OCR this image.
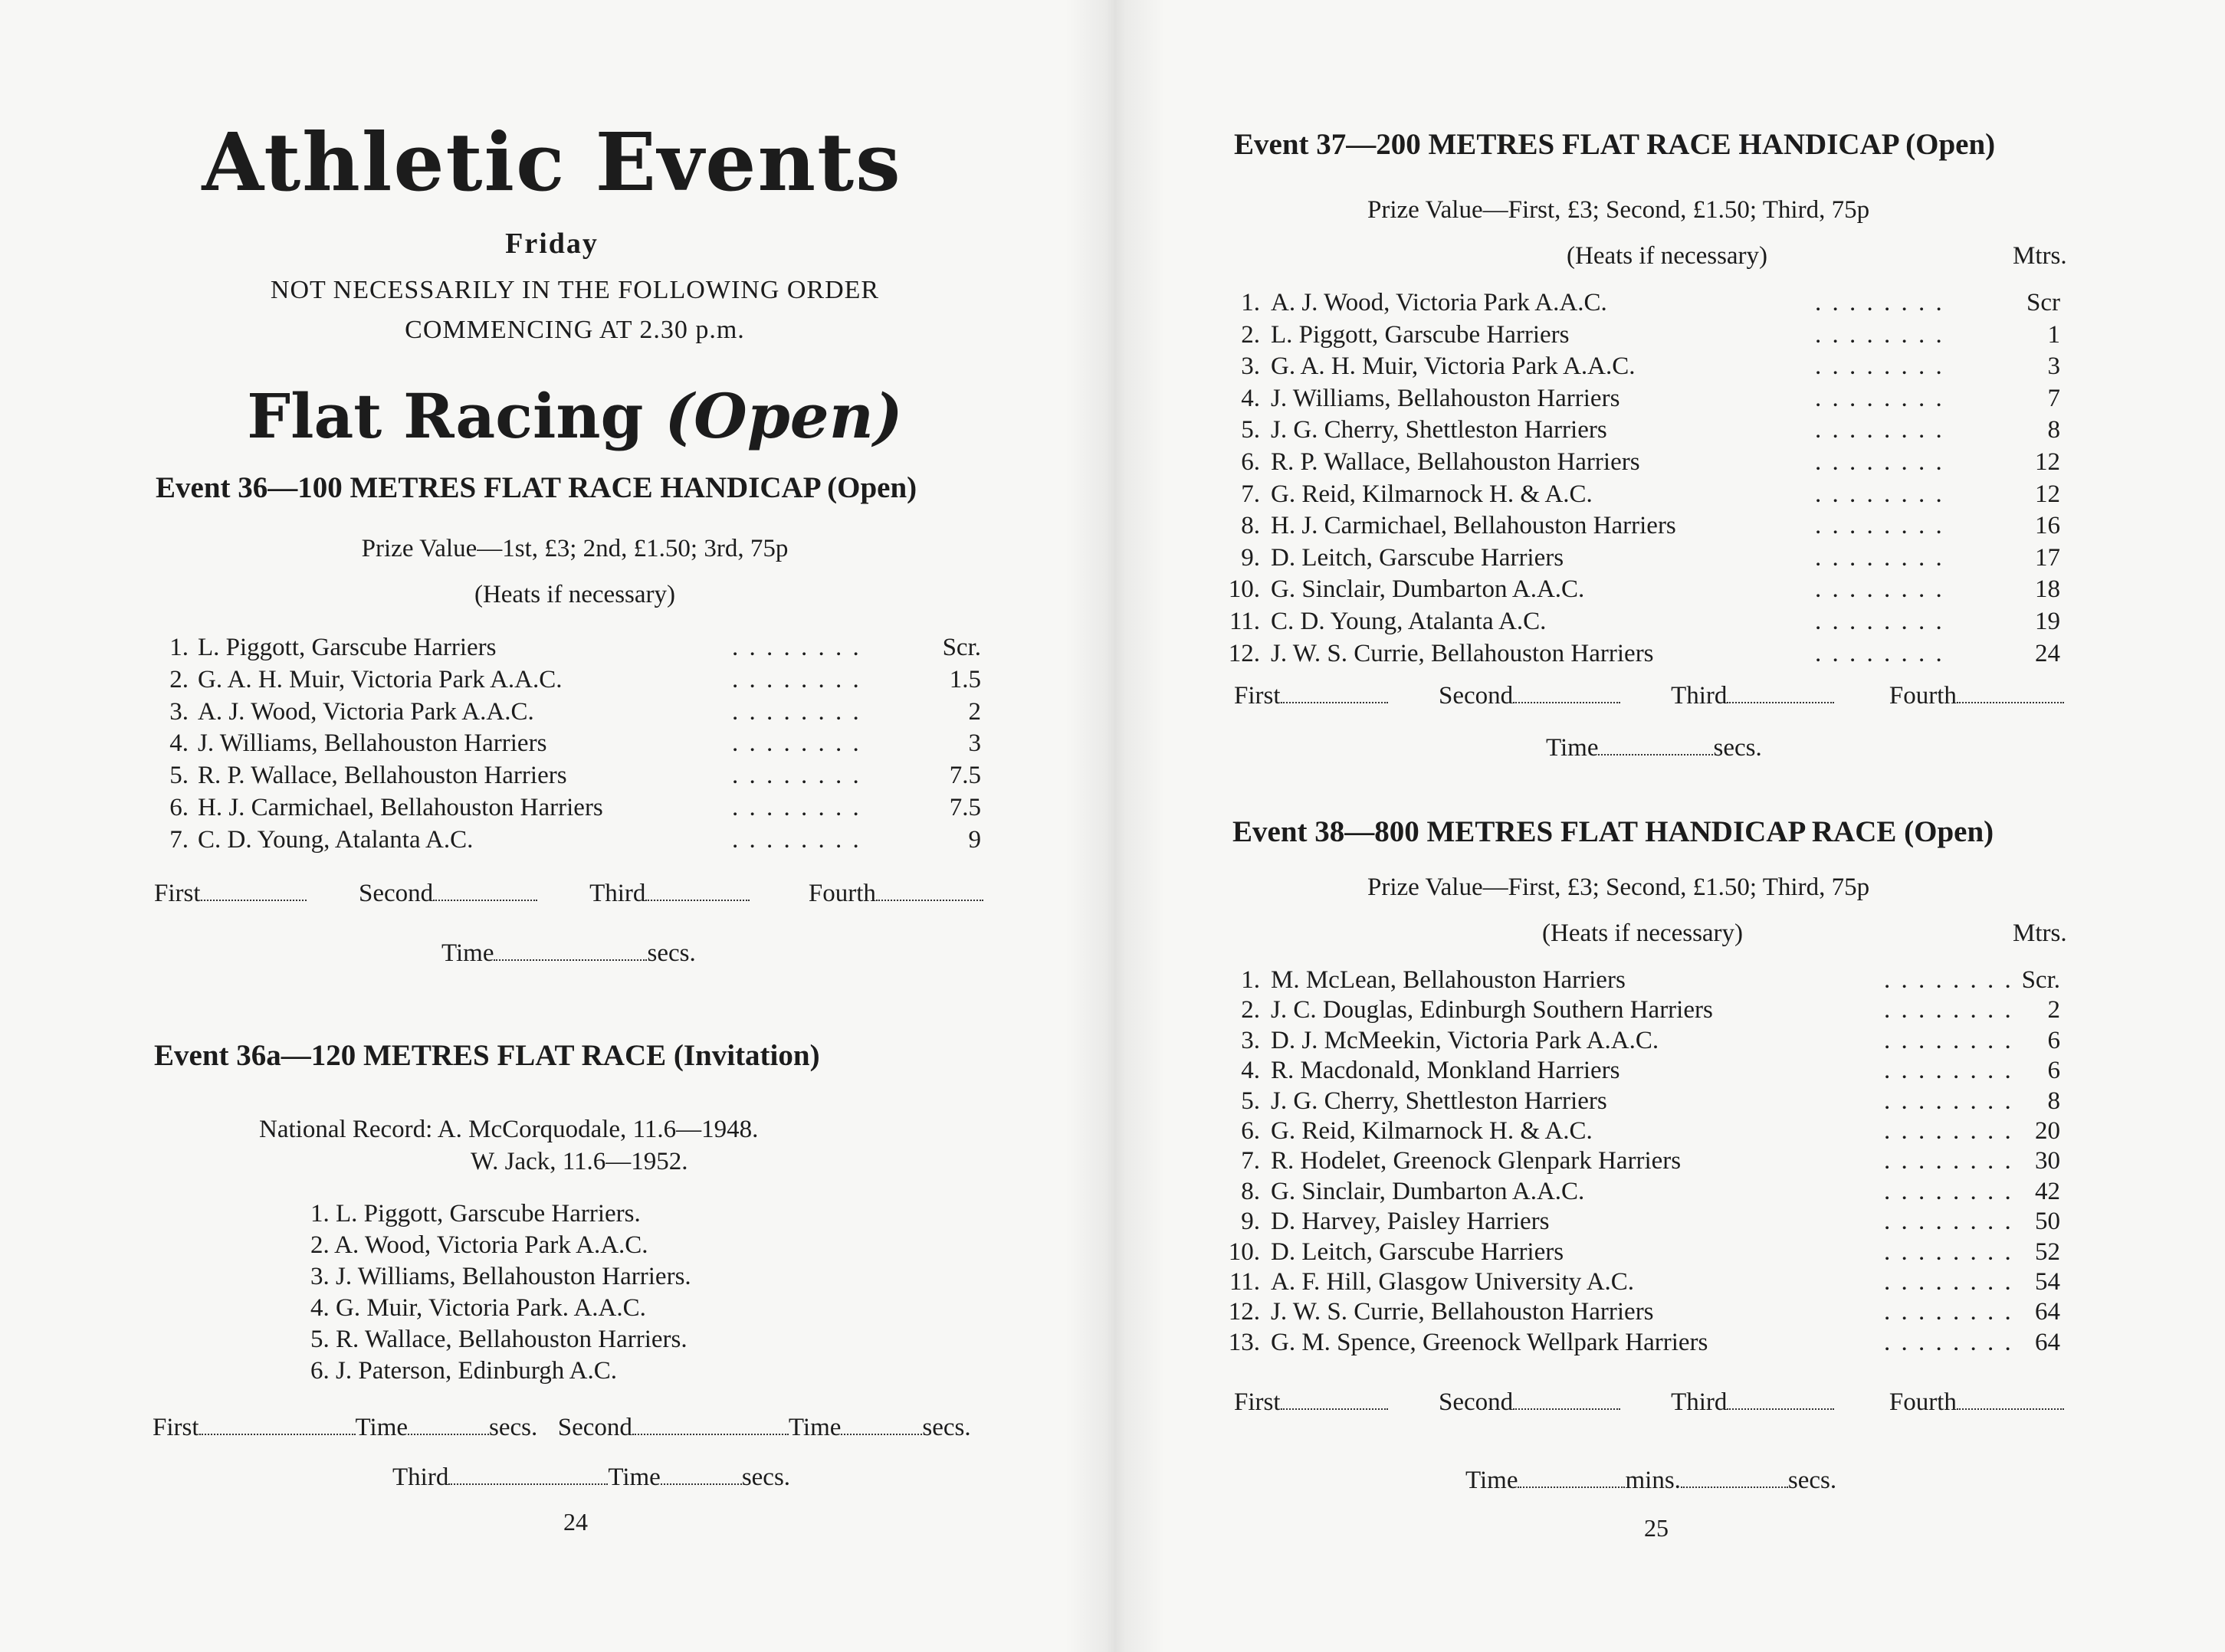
Athletic Events
Friday
NOT NECESSARILY IN THE FOLLOWING ORDER
COMMENCING AT 2.30 p.m.
Flat Racing (Open)
Event 36—100 METRES FLAT RACE HANDICAP (Open)
Prize Value—1st, £3; 2nd, £1.50; 3rd, 75p
(Heats if necessary)
1. L. Piggott, Garscube Harriers	. . . . . . . .	Scr.
2. G. A. H. Muir, Victoria Park A.A.C.	. . . . . . . .	1.5
3. A. J. Wood, Victoria Park A.A.C.	. . . . . . . .	2
4. J. Williams, Bellahouston Harriers	. . . . . . . .	3
5. R. P. Wallace, Bellahouston Harriers	. . . . . . . .	7.5
6. H. J. Carmichael, Bellahouston Harriers	. . . . . . . .	7.5
7. C. D. Young, Atalanta A.C.	. . . . . . . .	9
First	Second	Third	Fourth
Time	secs.
Event 36a—120 METRES FLAT RACE (Invitation)
National Record: A. McCorquodale, 11.6—1948.
W. Jack, 11.6—1952.
1. L. Piggott, Garscube Harriers.
2. A. Wood, Victoria Park A.A.C.
3. J. Williams, Bellahouston Harriers.
4. G. Muir, Victoria Park. A.A.C.
5. R. Wallace, Bellahouston Harriers.
6. J. Paterson, Edinburgh A.C.
First	Time	secs. Second	Time	secs.
Third	Time	secs.
24
Event 37—200 METRES FLAT RACE HANDICAP (Open)
Prize Value—First, £3; Second, £1.50; Third, 75p
(Heats if necessary)	Mtrs.
1. A. J. Wood, Victoria Park A.A.C.	. . . . . . . .	Scr
2. L. Piggott, Garscube Harriers	. . . . . . . .	1
3. G. A. H. Muir, Victoria Park A.A.C.	. . . . . . . .	3
4. J. Williams, Bellahouston Harriers	. . . . . . . .	7
5. J. G. Cherry, Shettleston Harriers	. . . . . . . .	8
6. R. P. Wallace, Bellahouston Harriers	. . . . . . . .	12
7. G. Reid, Kilmarnock H. & A.C.	. . . . . . . .	12
8. H. J. Carmichael, Bellahouston Harriers	. . . . . . . .	16
9. D. Leitch, Garscube Harriers	. . . . . . . .	17
10. G. Sinclair, Dumbarton A.A.C.	. . . . . . . .	18
11. C. D. Young, Atalanta A.C.	. . . . . . . .	19
12. J. W. S. Currie, Bellahouston Harriers	. . . . . . . .	24
First	Second	Third	Fourth
Time	secs.
Event 38—800 METRES FLAT HANDICAP RACE (Open)
Prize Value—First, £3; Second, £1.50; Third, 75p
(Heats if necessary)	Mtrs.
1. M. McLean, Bellahouston Harriers	. . . . . . . . Scr.
2. J. C. Douglas, Edinburgh Southern Harriers	. . . . . . . .	2
3. D. J. McMeekin, Victoria Park A.A.C.	. . . . . . . .	6
4. R. Macdonald, Monkland Harriers	. . . . . . . .	6
5. J. G. Cherry, Shettleston Harriers	. . . . . . . .	8
6. G. Reid, Kilmarnock H. & A.C.	. . . . . . . . 20
7. R. Hodelet, Greenock Glenpark Harriers	. . . . . . . . 30
8. G. Sinclair, Dumbarton A.A.C.	. . . . . . . . 42
9. D. Harvey, Paisley Harriers	. . . . . . . . 50
10. D. Leitch, Garscube Harriers	. . . . . . . . 52
11. A. F. Hill, Glasgow University A.C.	. . . . . . . . 54
12. J. W. S. Currie, Bellahouston Harriers	. . . . . . . . 64
13. G. M. Spence, Greenock Wellpark Harriers	. . . . . . . . 64
First	Second	Third	Fourth
Time	mins.	secs.
25
